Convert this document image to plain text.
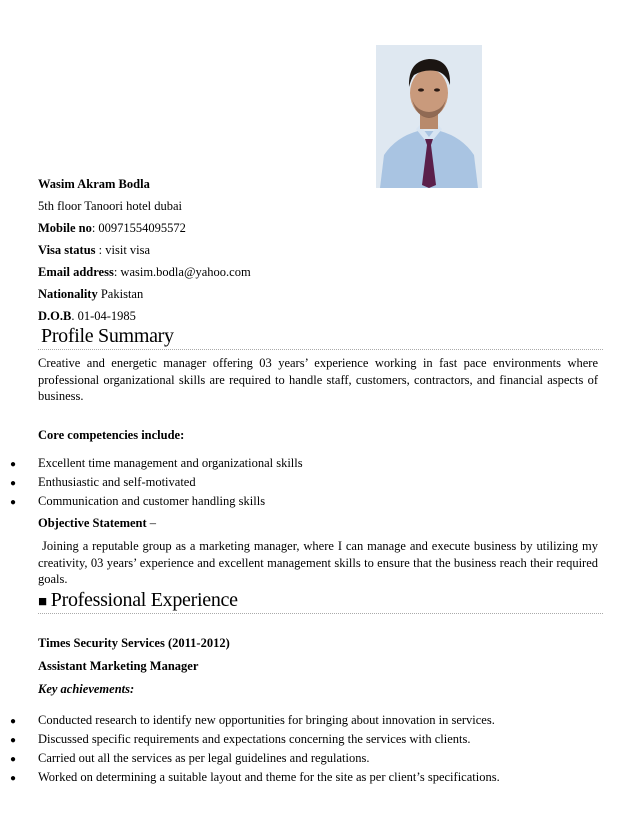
Wasim Akram Bodla
5th floor Tanoori hotel dubai
Mobile no: 00971554095572
Visa status : visit visa
Email address: wasim.bodla@yahoo.com
Nationality Pakistan
D.O.B. 01-04-1985
Profile Summary
Creative and energetic manager offering 03 years’ experience working in fast pace environments where professional organizational skills are required to handle staff, customers, contractors, and financial aspects of business.
Core competencies include:
● Excellent time management and organizational skills
● Enthusiastic and self-motivated
● Communication and customer handling skills
Objective Statement –
Joining a reputable group as a marketing manager, where I can manage and execute business by utilizing my creativity, 03 years’ experience and excellent management skills to ensure that the business reach their required goals.
■ Professional Experience
Times Security Services (2011-2012)
Assistant Marketing Manager
Key achievements:
● Conducted research to identify new opportunities for bringing about innovation in services.
● Discussed specific requirements and expectations concerning the services with clients.
● Carried out all the services as per legal guidelines and regulations.
● Worked on determining a suitable layout and theme for the site as per client’s specifications.
